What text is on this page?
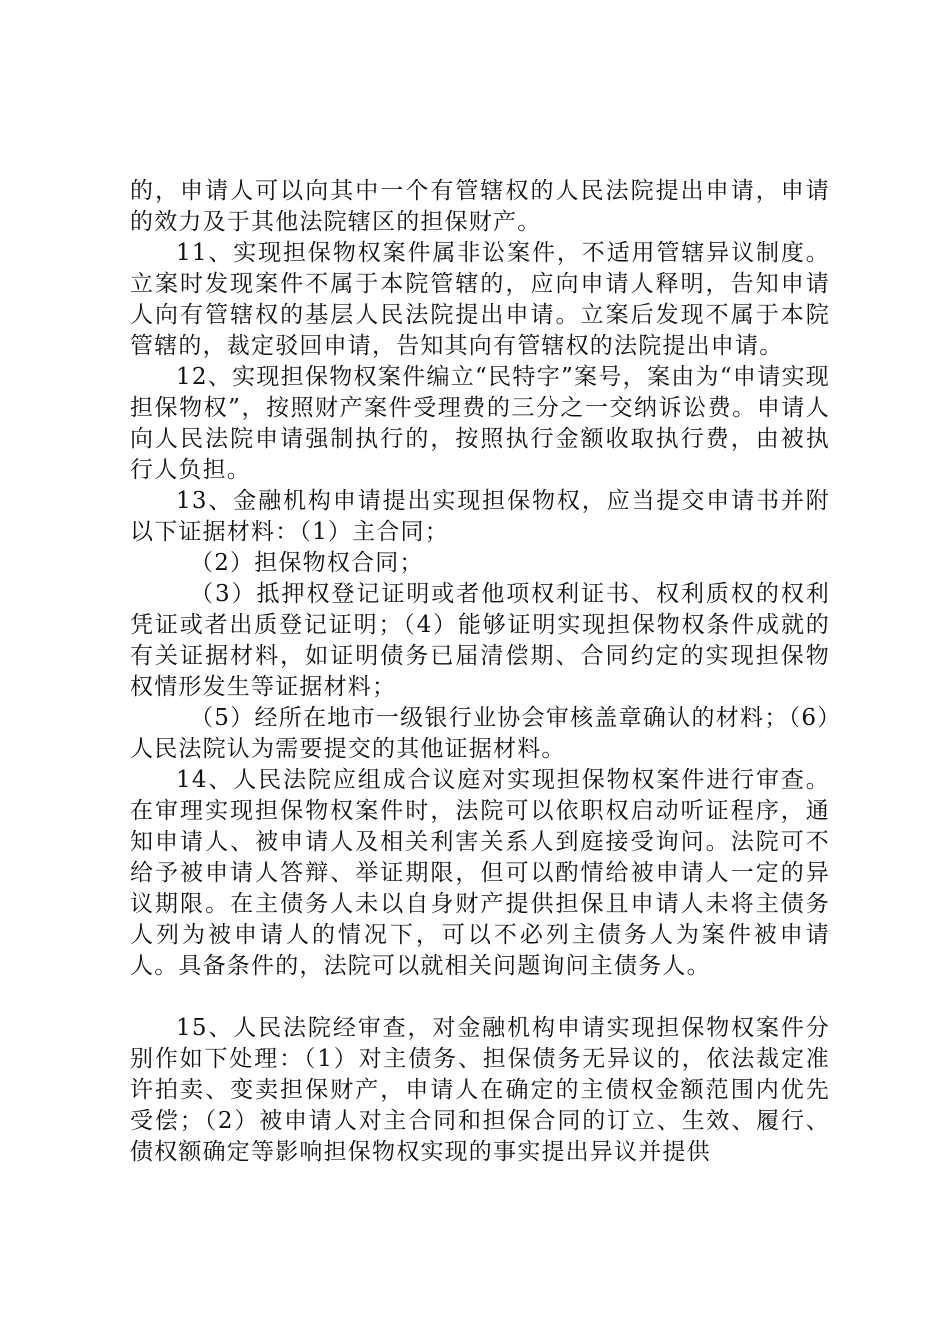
的，申请人可以向其中一个有管辖权的人民法院提出申请，申请的效力及于其他法院辖区的担保财产。

11、实现担保物权案件属非讼案件，不适用管辖异议制度。立案时发现案件不属于本院管辖的，应向申请人释明，告知申请人向有管辖权的基层人民法院提出申请。立案后发现不属于本院管辖的，裁定驳回申请，告知其向有管辖权的法院提出申请。

12、实现担保物权案件编立“民特字”案号，案由为“申请实现担保物权”，按照财产案件受理费的三分之一交纳诉讼费。申请人向人民法院申请强制执行的，按照执行金额收取执行费，由被执行人负担。

13、金融机构申请提出实现担保物权，应当提交申请书并附以下证据材料：（1）主合同；

（2）担保物权合同；

（3）抵押权登记证明或者他项权利证书、权利质权的权利凭证或者出质登记证明；（4）能够证明实现担保物权条件成就的有关证据材料，如证明债务已届清偿期、合同约定的实现担保物权情形发生等证据材料；

（5）经所在地市一级银行业协会审核盖章确认的材料；（6）人民法院认为需要提交的其他证据材料。

14、人民法院应组成合议庭对实现担保物权案件进行审查。在审理实现担保物权案件时，法院可以依职权启动听证程序，通知申请人、被申请人及相关利害关系人到庭接受询问。法院可不给予被申请人答辩、举证期限，但可以酌情给被申请人一定的异议期限。在主债务人未以自身财产提供担保且申请人未将主债务人列为被申请人的情况下，可以不必列主债务人为案件被申请人。具备条件的，法院可以就相关问题询问主债务人。

15、人民法院经审查，对金融机构申请实现担保物权案件分别作如下处理：（1）对主债务、担保债务无异议的，依法裁定准许拍卖、变卖担保财产，申请人在确定的主债权金额范围内优先受偿；（2）被申请人对主合同和担保合同的订立、生效、履行、债权额确定等影响担保物权实现的事实提出异议并提供
